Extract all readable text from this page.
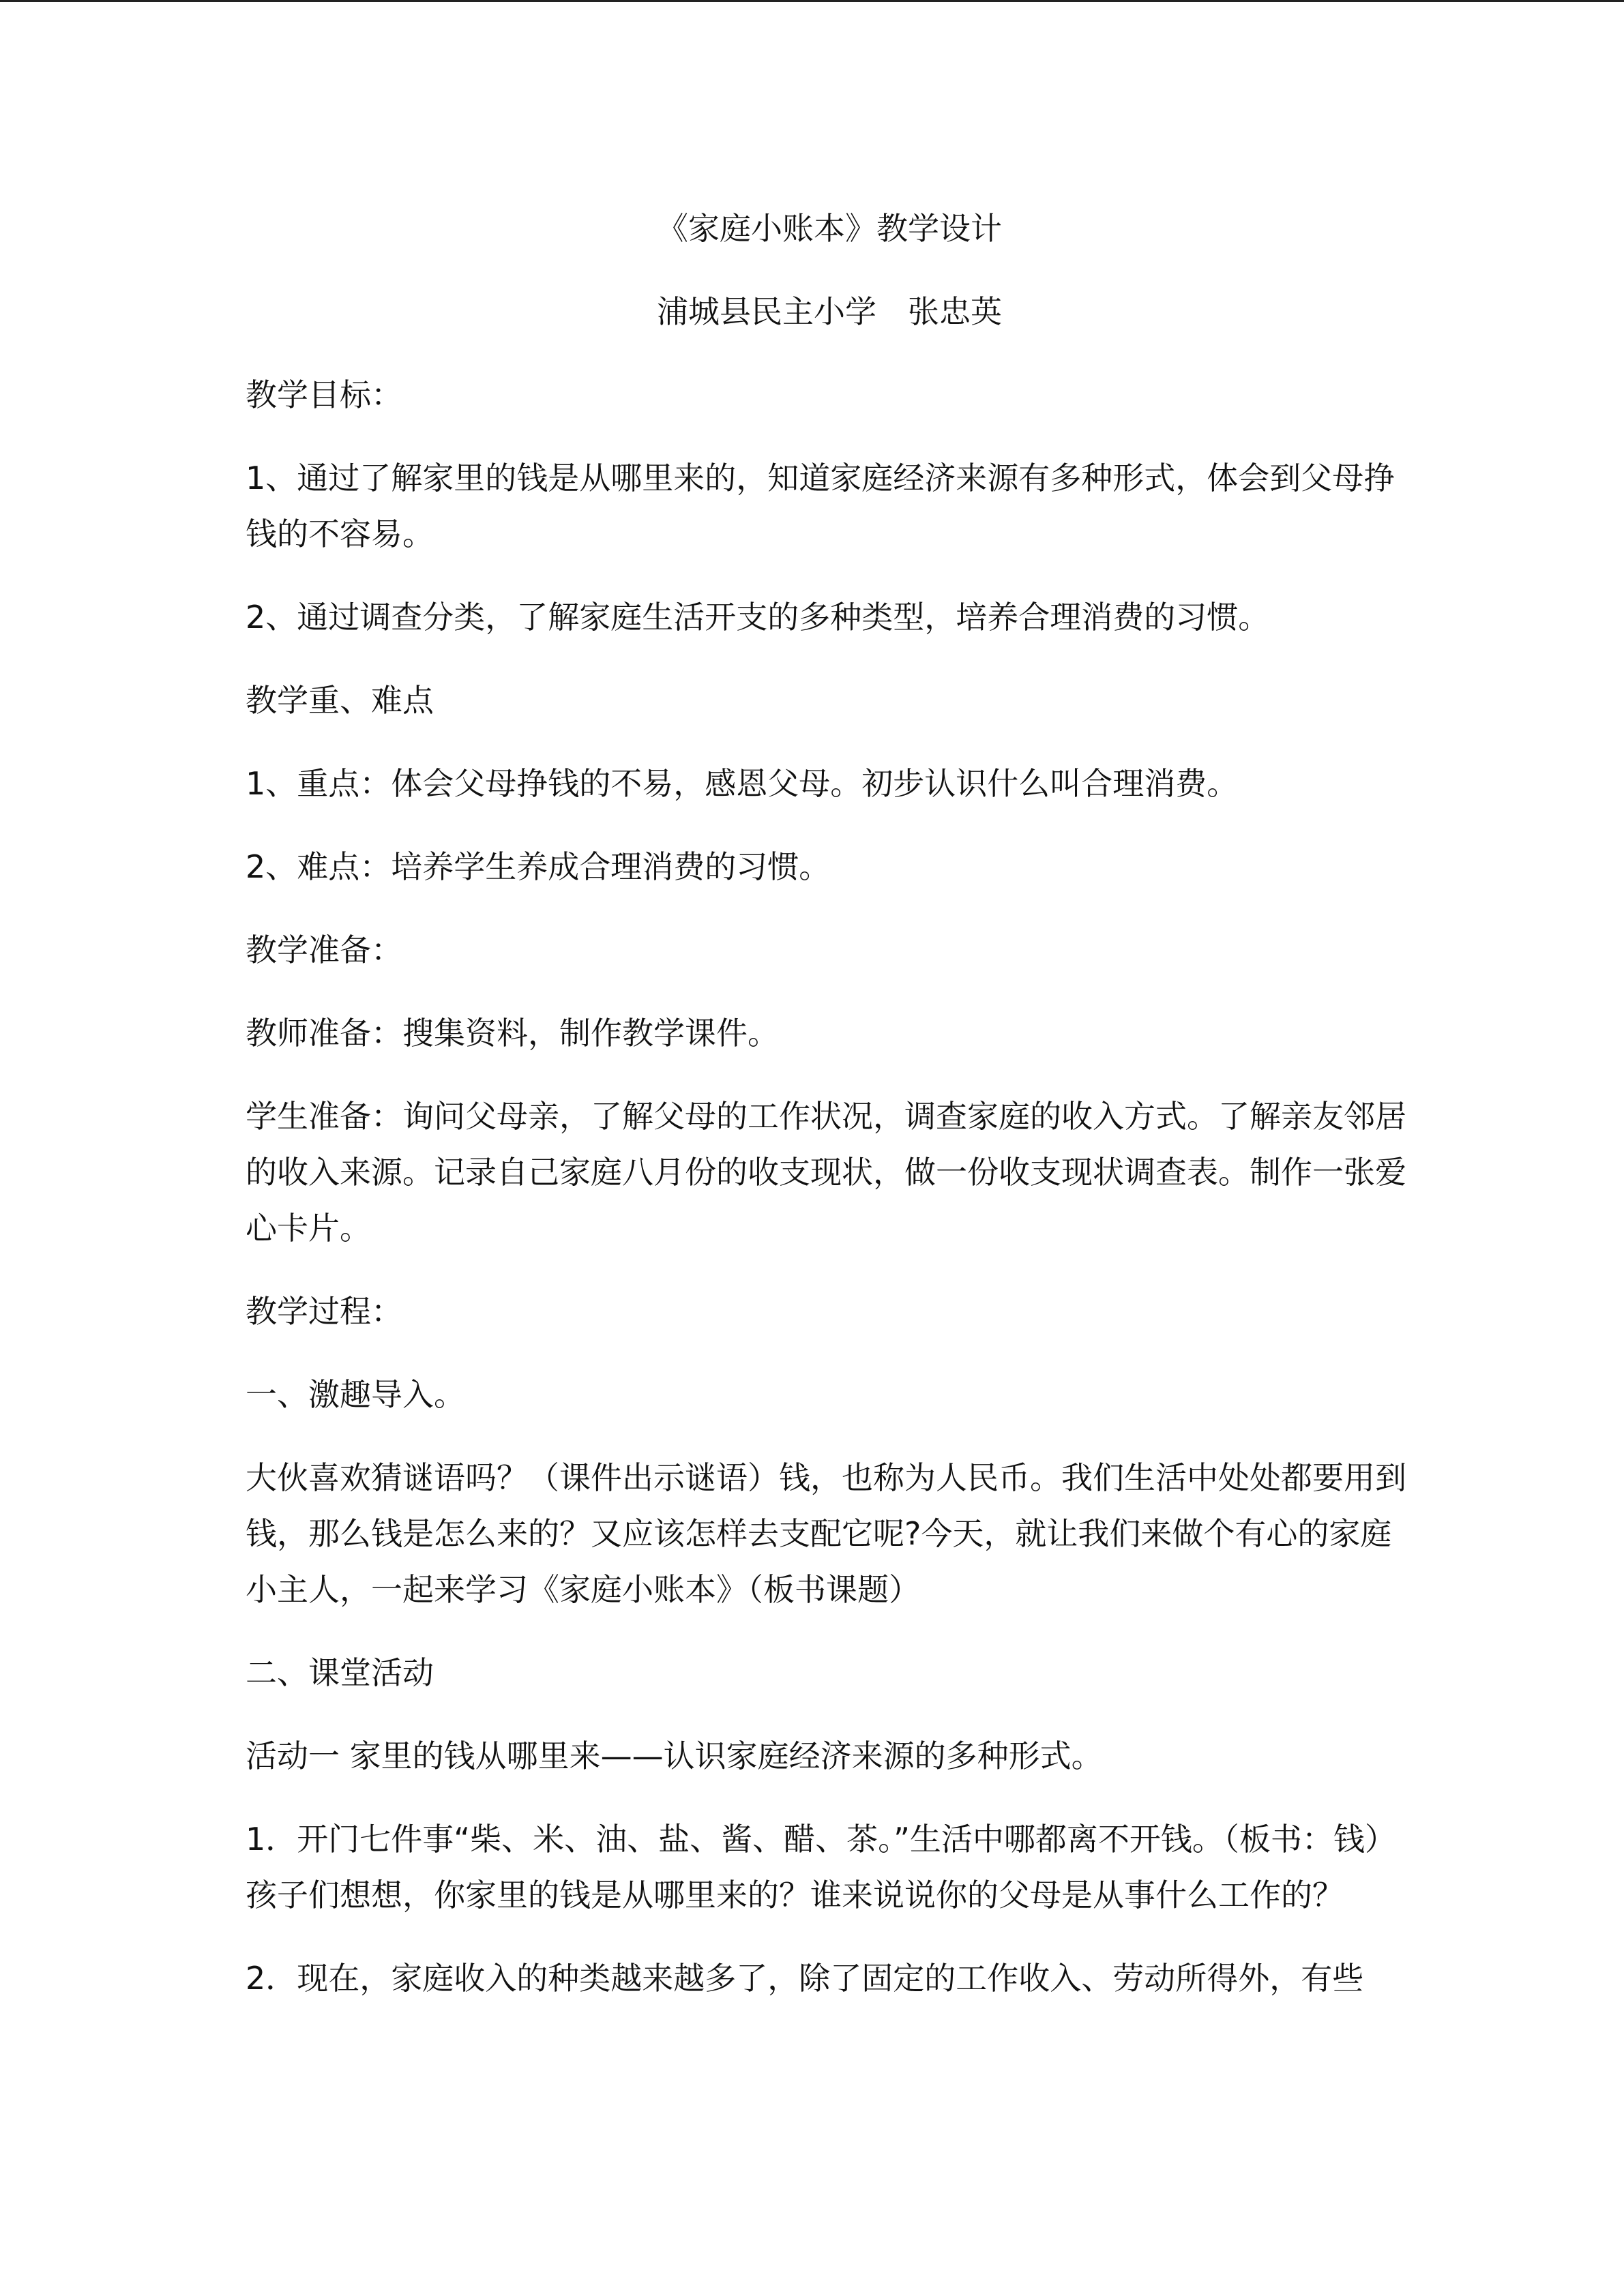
《家庭小账本》教学设计

浦城县民主小学　张忠英

教学目标：

1、通过了解家里的钱是从哪里来的，知道家庭经济来源有多种形式，体会到父母挣钱的不容易。

2、通过调查分类，了解家庭生活开支的多种类型，培养合理消费的习惯。

教学重、难点

1、重点：体会父母挣钱的不易，感恩父母。初步认识什么叫合理消费。

2、难点：培养学生养成合理消费的习惯。

教学准备：

教师准备：搜集资料，制作教学课件。

学生准备：询问父母亲，了解父母的工作状况，调查家庭的收入方式。了解亲友邻居的收入来源。记录自己家庭八月份的收支现状，做一份收支现状调查表。制作一张爱心卡片。

教学过程：

一、激趣导入。

大伙喜欢猜谜语吗？（课件出示谜语）钱，也称为人民币。我们生活中处处都要用到钱，那么钱是怎么来的？又应该怎样去支配它呢?今天，就让我们来做个有心的家庭小主人，一起来学习《家庭小账本》（板书课题）

二、课堂活动

活动一 家里的钱从哪里来——认识家庭经济来源的多种形式。

1．开门七件事“柴、米、油、盐、酱、醋、茶。”生活中哪都离不开钱。（板书：钱）孩子们想想，你家里的钱是从哪里来的？谁来说说你的父母是从事什么工作的？

2．现在，家庭收入的种类越来越多了，除了固定的工作收入、劳动所得外，有些
